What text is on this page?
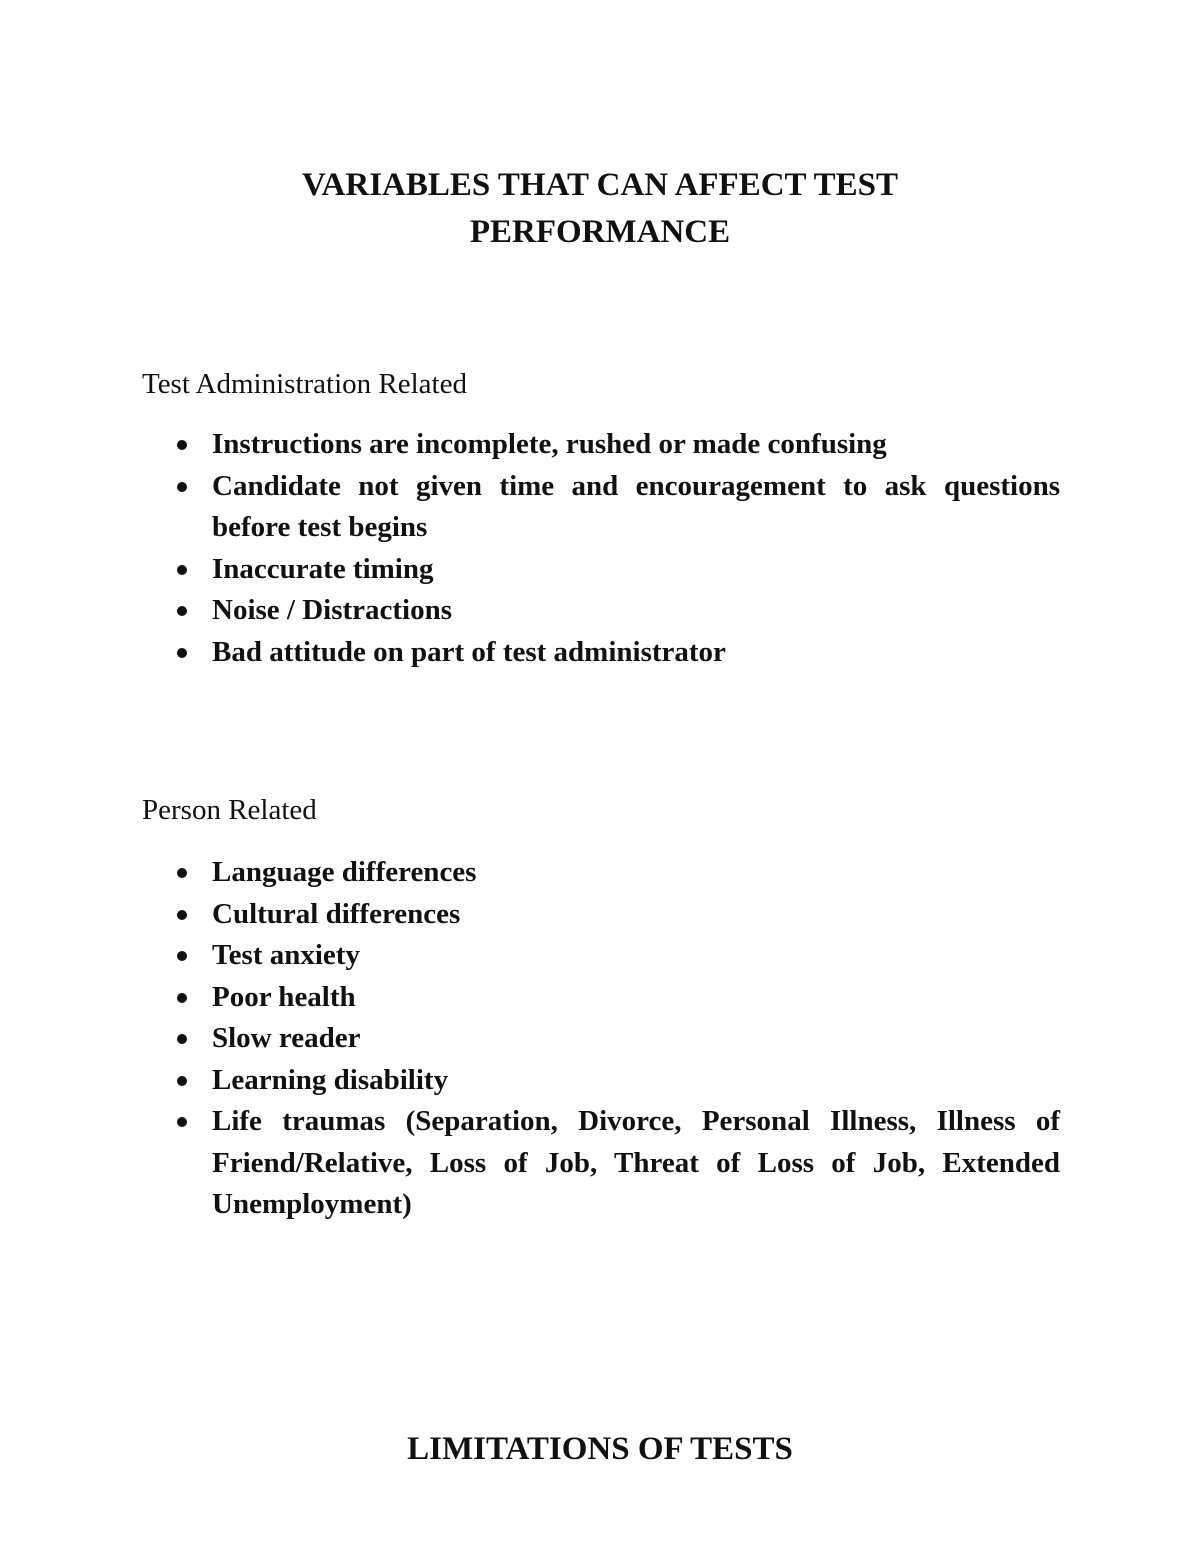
VARIABLES THAT CAN AFFECT TEST
PERFORMANCE
Test Administration Related
Instructions are incomplete, rushed or made confusing
Candidate not given time and encouragement to ask questions before test begins
Inaccurate timing
Noise / Distractions
Bad attitude on part of test administrator
Person Related
Language differences
Cultural differences
Test anxiety
Poor health
Slow reader
Learning disability
Life traumas (Separation, Divorce, Personal Illness, Illness of Friend/Relative, Loss of Job, Threat of Loss of Job, Extended Unemployment)
LIMITATIONS OF TESTS
